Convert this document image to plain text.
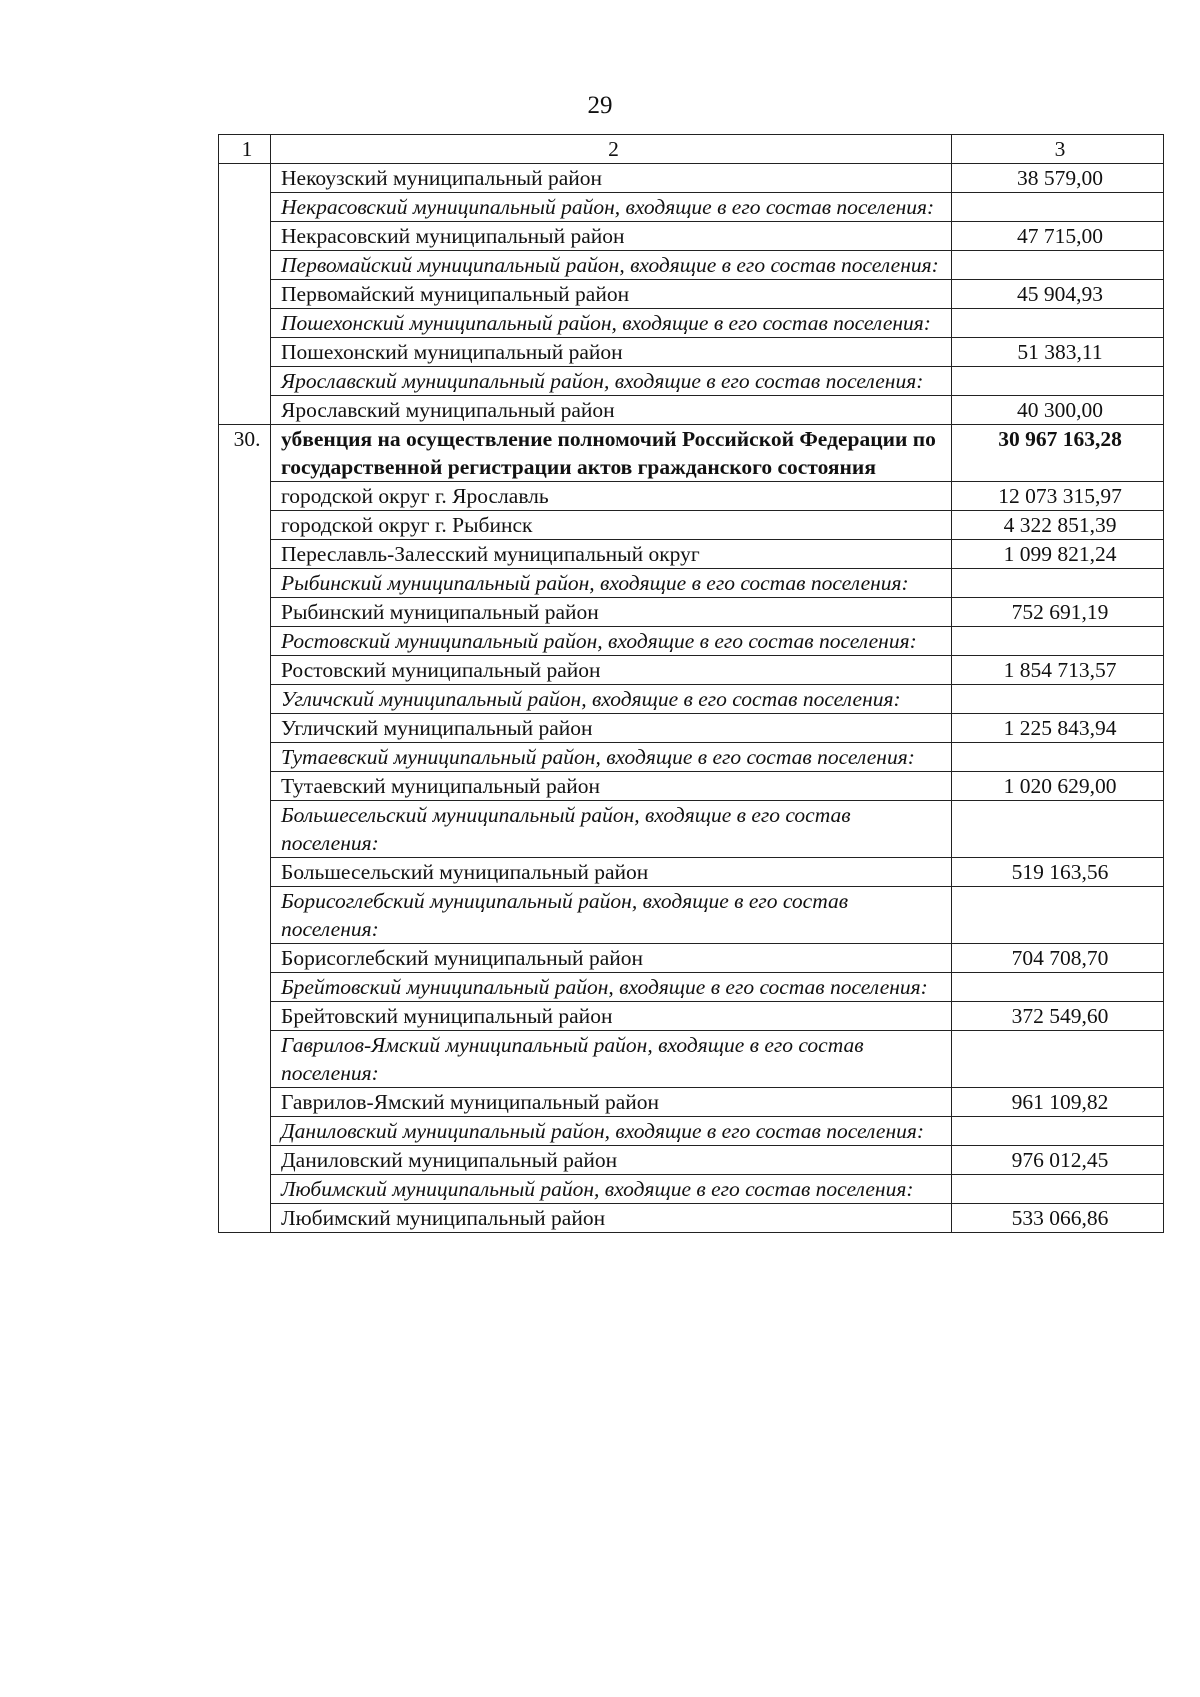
29
1	2	3
	Некоузский муниципальный район	38 579,00
	Некрасовский муниципальный район, входящие в его состав поселения:	
	Некрасовский муниципальный район	47 715,00
	Первомайский муниципальный район, входящие в его состав поселения:	
	Первомайский муниципальный район	45 904,93
	Пошехонский муниципальный район, входящие в его состав поселения:	
	Пошехонский муниципальный район	51 383,11
	Ярославский муниципальный район, входящие в его состав поселения:	
	Ярославский муниципальный район	40 300,00
30.	убвенция на осуществление полномочий Российской Федерации по государственной регистрации актов гражданского состояния	30 967 163,28
	городской округ г. Ярославль	12 073 315,97
	городской округ г. Рыбинск	4 322 851,39
	Переславль-Залесский муниципальный округ	1 099 821,24
	Рыбинский муниципальный район, входящие в его состав поселения:	
	Рыбинский муниципальный район	752 691,19
	Ростовский муниципальный район, входящие в его состав поселения:	
	Ростовский муниципальный район	1 854 713,57
	Угличский муниципальный район, входящие в его состав поселения:	
	Угличский муниципальный район	1 225 843,94
	Тутаевский муниципальный район, входящие в его состав поселения:	
	Тутаевский муниципальный район	1 020 629,00
	Большесельский муниципальный район, входящие в его состав поселения:	
	Большесельский муниципальный район	519 163,56
	Борисоглебский муниципальный район, входящие в его состав поселения:	
	Борисоглебский муниципальный район	704 708,70
	Брейтовский муниципальный район, входящие в его состав поселения:	
	Брейтовский муниципальный район	372 549,60
	Гаврилов-Ямский муниципальный район, входящие в его состав поселения:	
	Гаврилов-Ямский муниципальный район	961 109,82
	Даниловский муниципальный район, входящие в его состав поселения:	
	Даниловский муниципальный район	976 012,45
	Любимский муниципальный район, входящие в его состав поселения:	
	Любимский муниципальный район	533 066,86
